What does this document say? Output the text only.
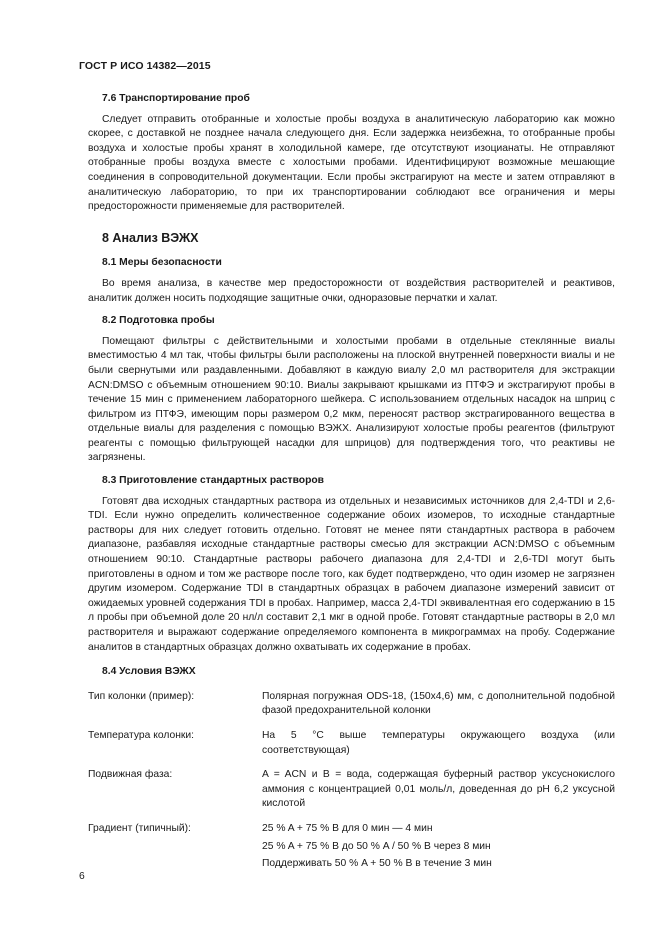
ГОСТ Р ИСО 14382—2015
7.6 Транспортирование проб

Следует отправить отобранные и холостые пробы воздуха в аналитическую лабораторию как можно скорее, с доставкой не позднее начала следующего дня. Если задержка неизбежна, то отобранные пробы воздуха и холостые пробы хранят в холодильной камере, где отсутствуют изоцианаты. Не отправляют отобранные пробы воздуха вместе с холостыми пробами. Идентифицируют возможные мешающие соединения в сопроводительной документации. Если пробы экстрагируют на месте и затем отправляют в аналитическую лабораторию, то при их транспортировании соблюдают все ограничения и меры предосторожности применяемые для растворителей.

8 Анализ ВЭЖХ
8.1 Меры безопасности

Во время анализа, в качестве мер предосторожности от воздействия растворителей и реактивов, аналитик должен носить подходящие защитные очки, одноразовые перчатки и халат.

8.2 Подготовка пробы

Помещают фильтры с действительными и холостыми пробами в отдельные стеклянные виалы вместимостью 4 мл так, чтобы фильтры были расположены на плоской внутренней поверхности виалы и не были свернутыми или раздавленными. Добавляют в каждую виалу 2,0 мл растворителя для экстракции ACN:DMSO с объемным отношением 90:10. Виалы закрывают крышками из ПТФЭ и экстрагируют пробы в течение 15 мин с применением лабораторного шейкера. С использованием отдельных насадок на шприц с фильтром из ПТФЭ, имеющим поры размером 0,2 мкм, переносят раствор экстрагированного вещества в отдельные виалы для разделения с помощью ВЭЖХ. Анализируют холостые пробы реагентов (фильтруют реагенты с помощью фильтрующей насадки для шприцов) для подтверждения того, что реактивы не загрязнены.

8.3 Приготовление стандартных растворов

Готовят два исходных стандартных раствора из отдельных и независимых источников для 2,4-TDI и 2,6-TDI. Если нужно определить количественное содержание обоих изомеров, то исходные стандартные растворы для них следует готовить отдельно. Готовят не менее пяти стандартных раствора в рабочем диапазоне, разбавляя исходные стандартные растворы смесью для экстракции ACN:DMSO с объемным отношением 90:10. Стандартные растворы рабочего диапазона для 2,4-TDI и 2,6-TDI могут быть приготовлены в одном и том же растворе после того, как будет подтверждено, что один изомер не загрязнен другим изомером. Содержание TDI в стандартных образцах в рабочем диапазоне измерений зависит от ожидаемых уровней содержания TDI в пробах. Например, масса 2,4-TDI эквивалентная его содержанию в 15 л пробы при объемной доле 20 нл/л составит 2,1 мкг в одной пробе. Готовят стандартные растворы в 2,0 мл растворителя и выражают содержание определяемого компонента в микрограммах на пробу. Содержание аналитов в стандартных образцах должно охватывать их содержание в пробах.

8.4 Условия ВЭЖХ
Тип колонки (пример):	Полярная погружная ODS-18, (150x4,6) мм, с дополнительной подобной фазой предохранительной колонки
Температура колонки:	На 5 °С выше температуры окружающего воздуха (или соответствующая)
Подвижная фаза:	A = ACN и B = вода, содержащая буферный раствор уксуснокислого аммония с концентрацией 0,01 моль/л, доведенная до pH 6,2 уксусной кислотой
Градиент (типичный):	25 % A + 75 % B для 0 мин — 4 мин
25 % A + 75 % B до 50 % A / 50 % B через 8 мин
Поддерживать 50 % A + 50 % B в течение 3 мин
6
